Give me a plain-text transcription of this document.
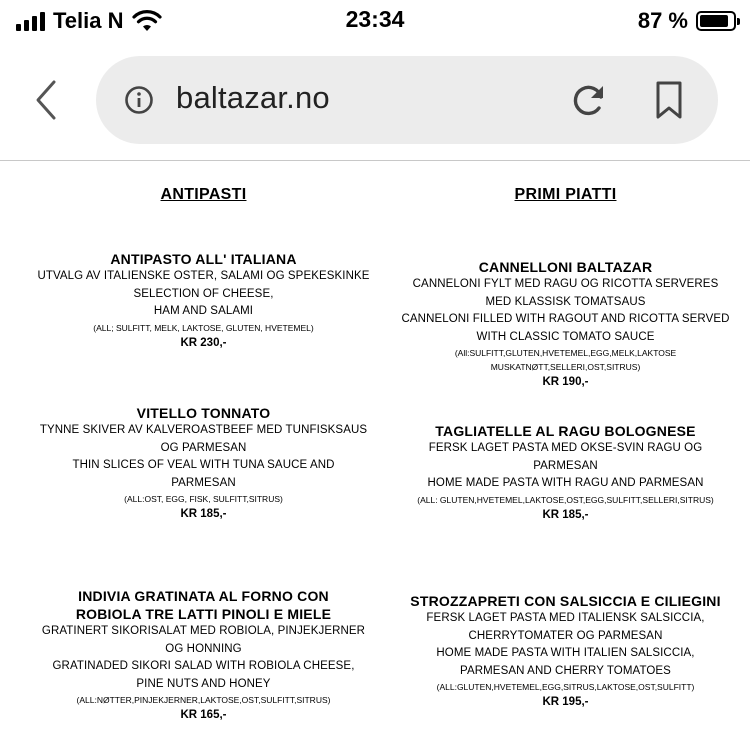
Telia N	23:34	87 %
baltazar.no
ANTIPASTI
ANTIPASTO ALL' ITALIANA
UTVALG AV ITALIENSKE OSTER, SALAMI OG SPEKESKINKE
SELECTION OF CHEESE,
HAM AND SALAMI
(ALL; SULFITT, MELK, LAKTOSE, GLUTEN, HVETEMEL)
KR 230,-
VITELLO TONNATO
TYNNE SKIVER AV KALVEROASTBEEF MED TUNFISKSAUS
OG PARMESAN
THIN SLICES OF VEAL WITH TUNA SAUCE AND
PARMESAN
(ALL:OST, EGG, FISK, SULFITT,SITRUS)
KR 185,-
INDIVIA GRATINATA AL FORNO CON
ROBIOLA TRE LATTI PINOLI E MIELE
GRATINERT SIKORISALAT MED ROBIOLA, PINJEKJERNER
OG HONNING
GRATINADED SIKORI SALAD WITH ROBIOLA CHEESE,
PINE NUTS AND HONEY
(ALL:NØTTER,PINJEKJERNER,LAKTOSE,OST,SULFITT,SITRUS)
KR 165,-
PRIMI PIATTI
CANNELLONI BALTAZAR
CANNELONI FYLT MED RAGU OG RICOTTA SERVERES
MED KLASSISK TOMATSAUS
CANNELONI FILLED WITH RAGOUT AND RICOTTA SERVED
WITH CLASSIC TOMATO SAUCE
(All:SULFITT,GLUTEN,HVETEMEL,EGG,MELK,LAKTOSE
MUSKATNØTT,SELLERI,OST,SITRUS)
KR 190,-
TAGLIATELLE AL RAGU BOLOGNESE
FERSK LAGET PASTA MED OKSE-SVIN RAGU OG
PARMESAN
HOME MADE PASTA WITH RAGU AND PARMESAN
(ALL: GLUTEN,HVETEMEL,LAKTOSE,OST,EGG,SULFITT,SELLERI,SITRUS)
KR 185,-
STROZZAPRETI CON SALSICCIA E CILIEGINI
FERSK LAGET PASTA MED ITALIENSK SALSICCIA,
CHERRYTOMATER OG PARMESAN
HOME MADE PASTA WITH ITALIEN SALSICCIA,
PARMESAN AND CHERRY TOMATOES
(ALL:GLUTEN,HVETEMEL,EGG,SITRUS,LAKTOSE,OST,SULFITT)
KR 195,-
